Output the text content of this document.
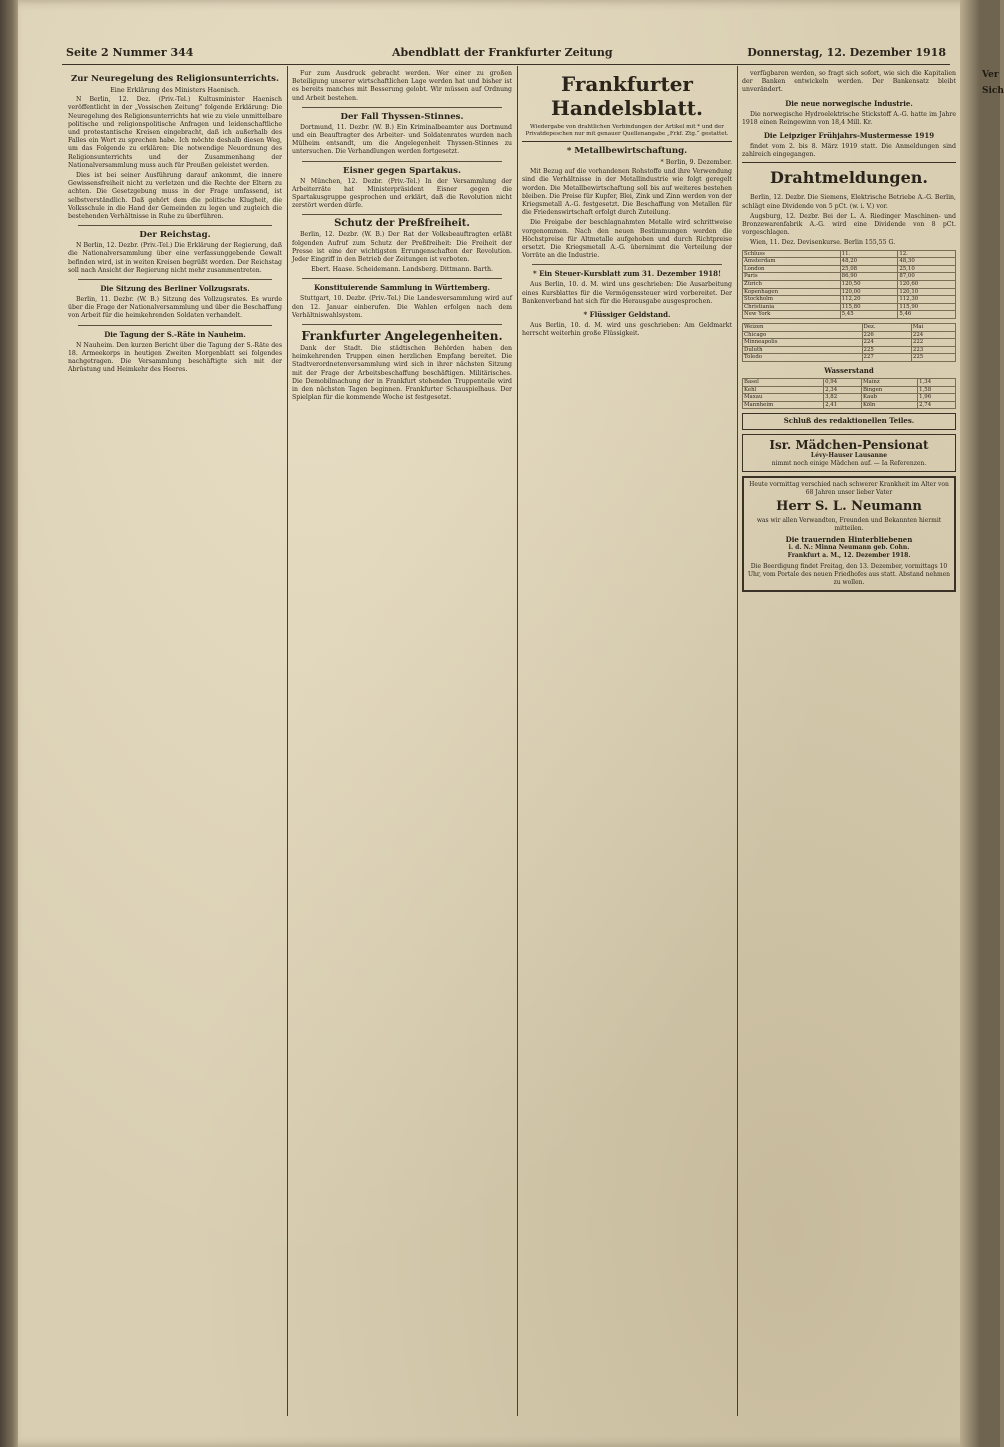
Ver
Sich
Seite 2 Nummer 344	Abendblatt der Frankfurter Zeitung	Donnerstag, 12. Dezember 1918
Zur Neuregelung des Religionsunterrichts.
Eine Erklärung des Ministers Haenisch.

N Berlin, 12. Dez. (Priv.-Tel.) Kultusminister Haenisch veröffentlicht in der „Vossischen Zeitung“ folgende Erklärung: Die Neuregelung des Religionsunterrichts hat wie zu viele unmittelbare politische und religionspolitische Anfragen und leidenschaftliche und protestantische Kreisen eingebracht, daß ich außerhalb des Falles ein Wort zu sprechen habe. Ich möchte deshalb diesen Weg, um das Folgende zu erklären: Die notwendige Neuordnung des Religionsunterrichts und der Zusammenhang der Nationalversammlung muss auch für Preußen geleistet werden.

Dies ist bei seiner Ausführung darauf ankommt, die innere Gewissensfreiheit nicht zu verletzen und die Rechte der Eltern zu achten. Die Gesetzgebung muss in der Frage umfassend, ist selbstverständlich. Daß gehört dem die politische Klugheit, die Volksschule in die Hand der Gemeinden zu legen und zugleich die bestehenden Verhältnisse in Ruhe zu überführen.

Der Reichstag.

N Berlin, 12. Dezbr. (Priv.-Tel.) Die Erklärung der Regierung, daß die Nationalversammlung über eine verfassunggebende Gewalt befinden wird, ist in weiten Kreisen begrüßt worden. Der Reichstag soll nach Ansicht der Regierung nicht mehr zusammentreten.

Die Sitzung des Berliner Vollzugsrats.

Berlin, 11. Dezbr. (W. B.) Sitzung des Vollzugsrates. Es wurde über die Frage der Nationalversammlung und über die Beschaffung von Arbeit für die heimkehrenden Soldaten verhandelt.

Die Tagung der S.-Räte in Nauheim.

N Nauheim. Den kurzen Bericht über die Tagung der S.-Räte des 18. Armeekorps in heutigen Zweiten Morgenblatt sei folgendes nachgetragen. Die Versammlung beschäftigte sich mit der Abrüstung und Heimkehr des Heeres.

Fur zum Ausdruck gebracht werden. Wer einer zu großen Beteiligung unserer wirtschaftlichen Lage werden hat und bisher ist es bereits manches mit Besserung gelobt. Wir müssen auf Ordnung und Arbeit bestehen.

Der Fall Thyssen-Stinnes.

Dortmund, 11. Dezbr. (W. B.) Ein Kriminalbeamter aus Dortmund und ein Beauftragter des Arbeiter- und Soldatenrates wurden nach Mülheim entsandt, um die Angelegenheit Thyssen-Stinnes zu untersuchen. Die Verhandlungen werden fortgesetzt.

Eisner gegen Spartakus.

N München, 12. Dezbr. (Priv.-Tel.) In der Versammlung der Arbeiterräte hat Ministerpräsident Eisner gegen die Spartakusgruppe gesprochen und erklärt, daß die Revolution nicht zerstört werden dürfe.

Schutz der Preßfreiheit.

Berlin, 12. Dezbr. (W. B.) Der Rat der Volksbeauftragten erläßt folgenden Aufruf zum Schutz der Preßfreiheit: Die Freiheit der Presse ist eine der wichtigsten Errungenschaften der Revolution. Jeder Eingriff in den Betrieb der Zeitungen ist verboten.

Ebert. Haase. Scheidemann. Landsberg. Dittmann. Barth.

Konstituierende Sammlung in Württemberg.

Stuttgart, 10. Dezbr. (Priv.-Tel.) Die Landesversammlung wird auf den 12. Januar einberufen. Die Wahlen erfolgen nach dem Verhältniswahlsystem.

Frankfurter Angelegenheiten.

Dank der Stadt. Die städtischen Behörden haben den heimkehrenden Truppen einen herzlichen Empfang bereitet. Die Stadtverordnetenversammlung wird sich in ihrer nächsten Sitzung mit der Frage der Arbeitsbeschaffung beschäftigen. Militärisches. Die Demobilmachung der in Frankfurt stehenden Truppenteile wird in den nächsten Tagen beginnen. Frankfurter Schauspielhaus. Der Spielplan für die kommende Woche ist festgesetzt.

Frankfurter Handelsblatt.
Wiedergabe von drahtlichen Verbindungen der Artikel mit * und der Privatdepeschen nur mit genauer Quellenangabe „Frkf. Ztg.“ gestattet.
* Metallbewirtschaftung.
* Berlin, 9. Dezember.

Mit Bezug auf die vorhandenen Rohstoffe und ihre Verwendung sind die Verhältnisse in der Metallindustrie wie folgt geregelt worden. Die Metallbewirtschaftung soll bis auf weiteres bestehen bleiben. Die Preise für Kupfer, Blei, Zink und Zinn werden von der Kriegsmetall A.-G. festgesetzt. Die Beschaffung von Metallen für die Friedenswirtschaft erfolgt durch Zuteilung.

Die Freigabe der beschlagnahmten Metalle wird schrittweise vorgenommen. Nach den neuen Bestimmungen werden die Höchstpreise für Altmetalle aufgehoben und durch Richtpreise ersetzt. Die Kriegsmetall A.-G. übernimmt die Verteilung der Vorräte an die Industrie.

* Ein Steuer-Kursblatt zum 31. Dezember 1918!

Aus Berlin, 10. d. M. wird uns geschrieben: Die Ausarbeitung eines Kursblattes für die Vermögenssteuer wird vorbereitet. Der Bankenverband hat sich für die Herausgabe ausgesprochen.

* Flüssiger Geldstand.

Aus Berlin, 10. d. M. wird uns geschrieben: Am Geldmarkt herrscht weiterhin große Flüssigkeit.

verfügbaren werden, so fragt sich sofort, wie sich die Kapitalien der Banken entwickeln werden. Der Bankensatz bleibt unverändert.

Die neue norwegische Industrie.

Die norwegische Hydroelektrische Stickstoff A.-G. hatte im Jahre 1918 einen Reingewinn von 18,4 Mill. Kr.

Die Leipziger Frühjahrs-Mustermesse 1919

findet vom 2. bis 8. März 1919 statt. Die Anmeldungen sind zahlreich eingegangen.

Drahtmeldungen.

Berlin, 12. Dezbr. Die Siemens, Elektrische Betriebe A.-G. Berlin, schlägt eine Dividende von 5 pCt. (w. i. V.) vor.

Augsburg, 12. Dezbr. Bei der L. A. Riedinger Maschinen- und Bronzewarenfabrik A.-G. wird eine Dividende von 8 pCt. vorgeschlagen.

Wien, 11. Dez. Devisenkurse. Berlin 155,55 G.

Schluss	11.	12.
Amsterdam	48,20	48,30
London	25,08	25,10
Paris	86,90	87,00
Zürich	120,50	120,60
Kopenhagen	120,00	120,10
Stockholm	112,20	112,30
Christiania	115,80	115,90
New York	5,45	5,46
Weizen	Dez.	Mai
Chicago	226	224
Minneapolis	224	222
Duluth	225	223
Toledo	227	225
Wasserstand
Basel	0,94	Mainz	1,34
Kehl	2,34	Bingen	1,58
Maxau	3,82	Kaub	1,96
Mannheim	2,41	Köln	2,74
Schluß des redaktionellen Teiles.
Isr. Mädchen-Pensionat
Lévy-Hauser Lausanne
nimmt noch einige Mädchen auf. — Ia Referenzen.
Heute vormittag verschied nach schwerer Krankheit im Alter von 68 Jahren unser lieber Vater
Herr S. L. Neumann
was wir allen Verwandten, Freunden und Bekannten hiermit mitteilen.
Die trauernden Hinterbliebenen
i. d. N.: Minna Neumann geb. Cohn.
Frankfurt a. M., 12. Dezember 1918.
Die Beerdigung findet Freitag, den 13. Dezember, vormittags 10 Uhr, vom Portale des neuen Friedhofes aus statt. Abstand nehmen zu wollen.
